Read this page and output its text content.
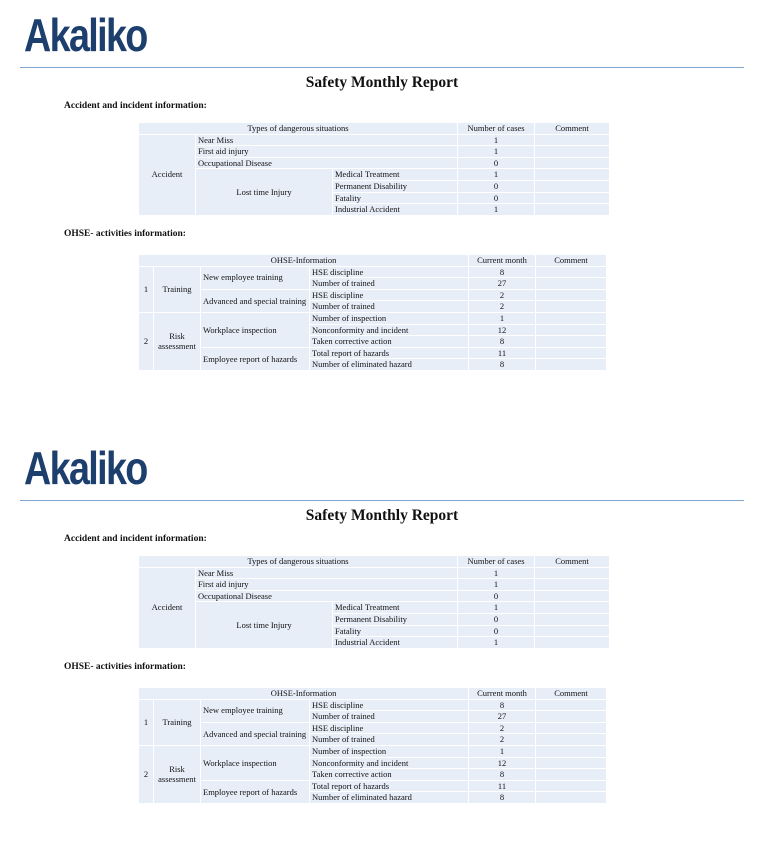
Akaliko
Safety Monthly Report
Accident and incident information:
Types of dangerous situations			Number of cases	Comment
Accident	Near Miss		1	
	First aid injury		1	
	Occupational Disease		0	
	Lost time Injury	Medical Treatment	1	
		Permanent Disability	0	
		Fatality	0	
		Industrial Accident	1	
OHSE- activities information:
OHSE-Information				Current month	Comment
1	Training	New employee training	HSE discipline	8	
			Number of trained	27	
		Advanced and special training	HSE discipline	2	
			Number of trained	2	
2	Risk assessment	Workplace inspection	Number of inspection	1	
			Nonconformity and incident	12	
			Taken corrective action	8	
		Employee report of hazards	Total report of hazards	11	
			Number of eliminated hazard	8	
Akaliko
Safety Monthly Report
Accident and incident information:
Types of dangerous situations			Number of cases	Comment
Accident	Near Miss		1	
	First aid injury		1	
	Occupational Disease		0	
	Lost time Injury	Medical Treatment	1	
		Permanent Disability	0	
		Fatality	0	
		Industrial Accident	1	
OHSE- activities information:
OHSE-Information				Current month	Comment
1	Training	New employee training	HSE discipline	8	
			Number of trained	27	
		Advanced and special training	HSE discipline	2	
			Number of trained	2	
2	Risk assessment	Workplace inspection	Number of inspection	1	
			Nonconformity and incident	12	
			Taken corrective action	8	
		Employee report of hazards	Total report of hazards	11	
			Number of eliminated hazard	8	
